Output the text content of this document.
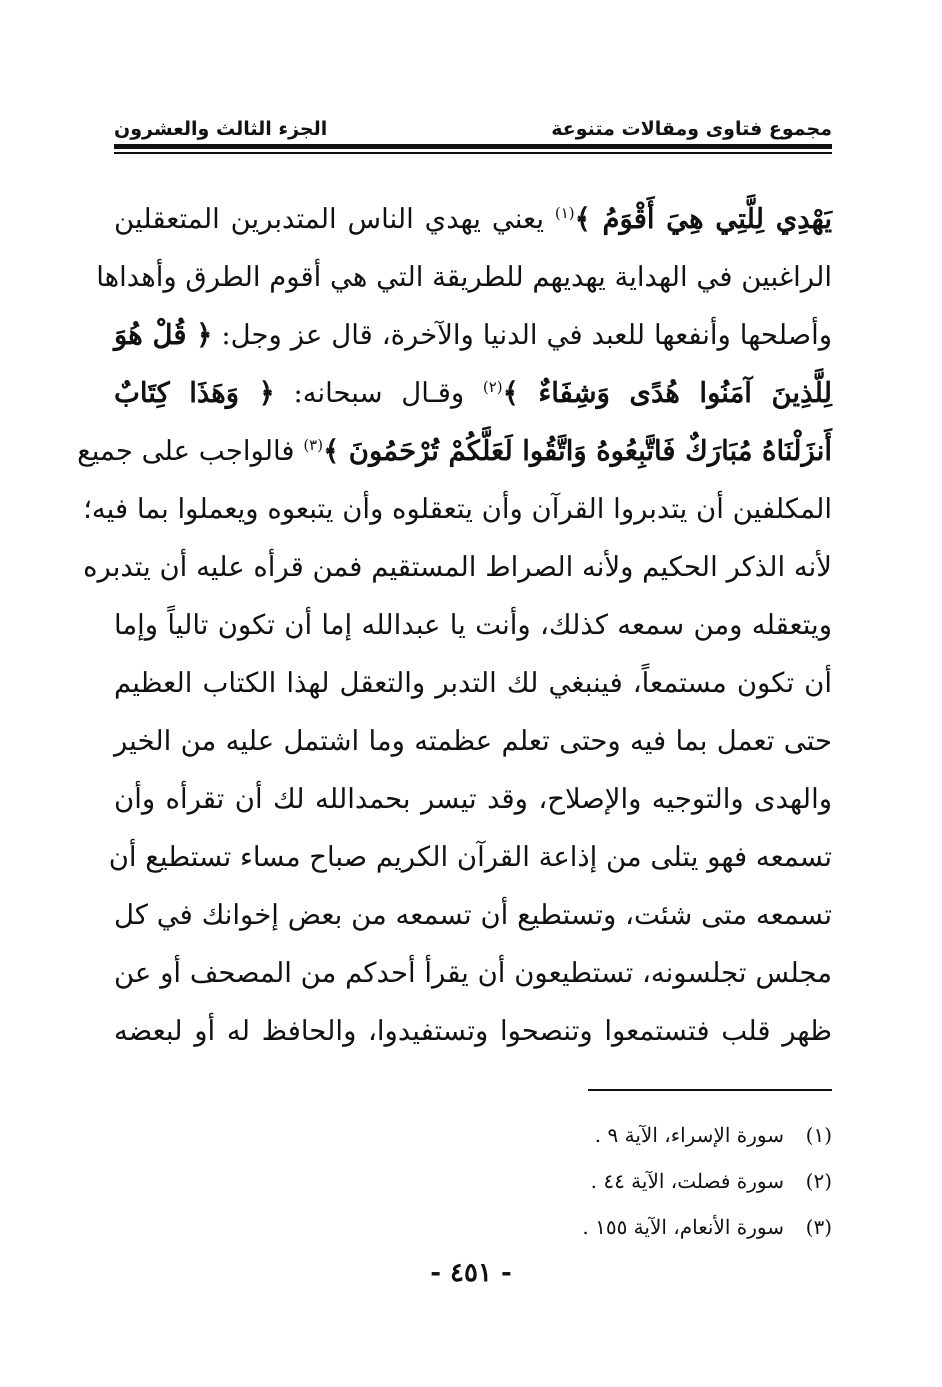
مجموع فتاوى ومقالات متنوعة
الجزء الثالث والعشرون
يَهْدِي لِلَّتِي هِيَ أَقْوَمُ ﴾$^{(١)}$ يعني يهدي الناس المتدبرين المتعقلين
الراغبين في الهداية يهديهم للطريقة التي هي أقوم الطرق وأهداها
وأصلحها وأنفعها للعبد في الدنيا والآخرة، قال عز وجل: ﴿ قُلْ هُوَ
لِلَّذِينَ آمَنُوا هُدًى وَشِفَاءٌ ﴾$^{(٢)}$ وقـال سبحانه: ﴿ وَهَذَا كِتَابٌ
أَنزَلْنَاهُ مُبَارَكٌ فَاتَّبِعُوهُ وَاتَّقُوا لَعَلَّكُمْ تُرْحَمُونَ ﴾$^{(٣)}$ فالواجب على جميع
المكلفين أن يتدبروا القرآن وأن يتعقلوه وأن يتبعوه ويعملوا بما فيه؛
لأنه الذكر الحكيم ولأنه الصراط المستقيم فمن قرأه عليه أن يتدبره
ويتعقله ومن سمعه كذلك، وأنت يا عبدالله إما أن تكون تالياً وإما
أن تكون مستمعاً، فينبغي لك التدبر والتعقل لهذا الكتاب العظيم
حتى تعمل بما فيه وحتى تعلم عظمته وما اشتمل عليه من الخير
والهدى والتوجيه والإصلاح، وقد تيسر بحمدالله لك أن تقرأه وأن
تسمعه فهو يتلى من إذاعة القرآن الكريم صباح مساء تستطيع أن
تسمعه متى شئت، وتستطيع أن تسمعه من بعض إخوانك في كل
مجلس تجلسونه، تستطيعون أن يقرأ أحدكم من المصحف أو عن
ظهر قلب فتستمعوا وتنصحوا وتستفيدوا، والحافظ له أو لبعضه
(١)
سورة الإسراء، الآية ٩ .
(٢)
سورة فصلت، الآية ٤٤ .
(٣)
سورة الأنعام، الآية ١٥٥ .
- ٤٥١ -
